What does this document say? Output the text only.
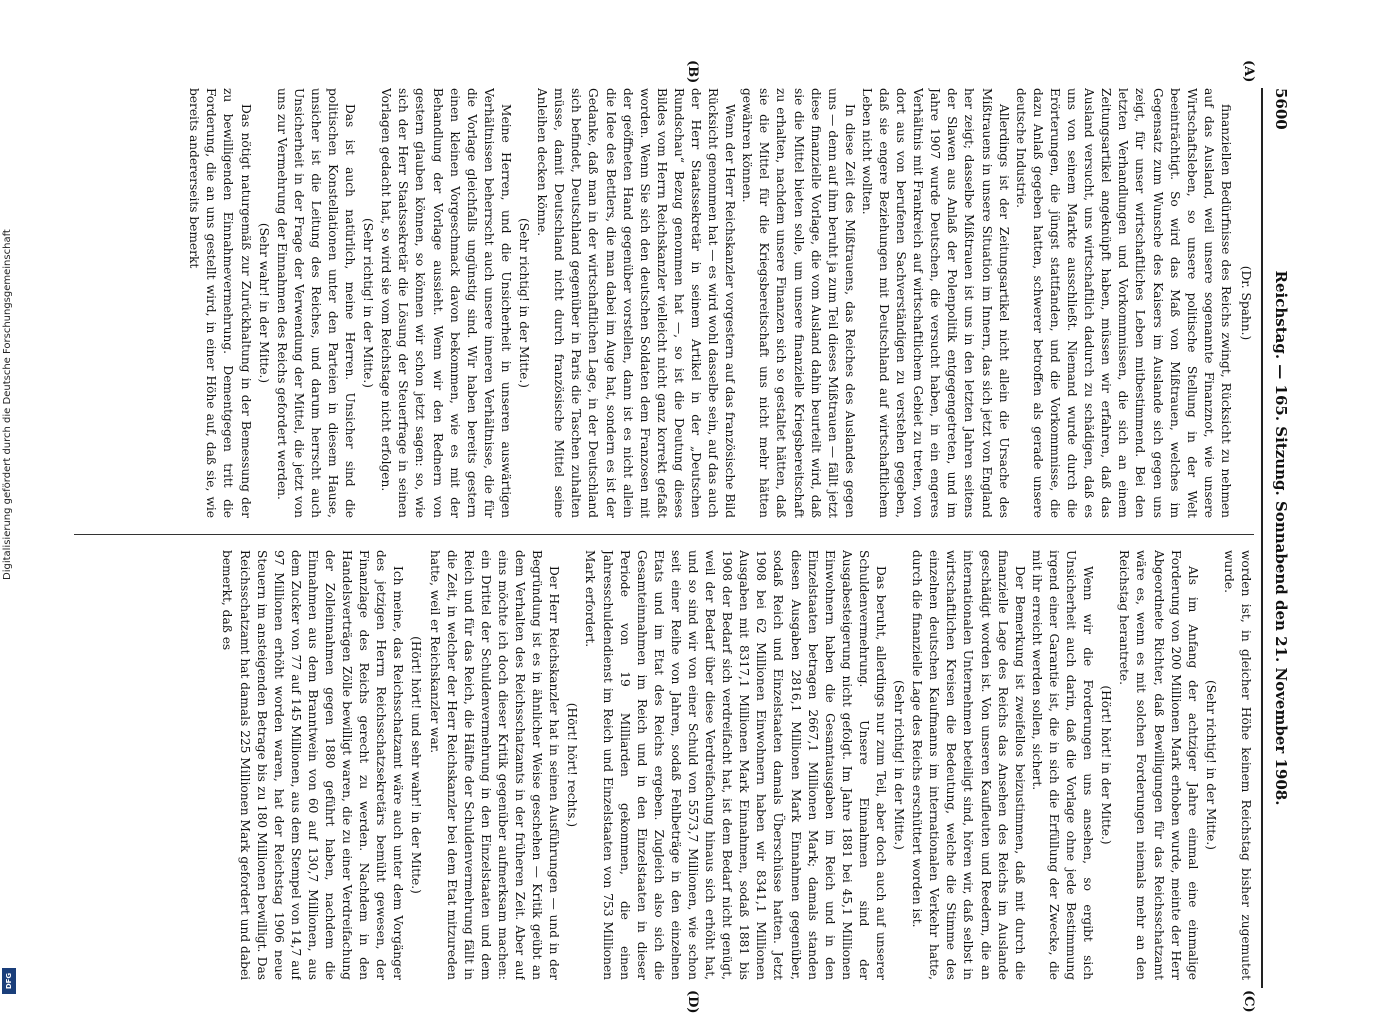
5600
Reichstag. — 165. Sitzung. Sonnabend den 21. November 1908.

(Dr. Spahn.)

finanziellen Bedürfnisse des Reichs zwingt, Rücksicht zu nehmen auf das Ausland, weil unsere sogenannte Finanznot, wie unsere Wirtschaftsleben, so unsere politische Stellung in der Welt beeinträchtigt. So wird das Maß von Mißtrauen, welches im Gegensatz zum Wunsche des Kaisers im Auslande sich gegen uns zeigt, für unser wirtschaftliches Leben mitbestimmend. Bei den letzten Verhandlungen und Vorkommnissen, die sich an einem Zeitungsartikel angeknüpft haben, müssen wir erfahren, daß das Ausland versucht, uns wirtschaftlich dadurch zu schädigen, daß es uns von seinem Markte ausschließt. Niemand wurde durch die Erörterungen, die jüngst stattfanden, und die Vorkommnisse, die dazu Anlaß gegeben hatten, schwerer betroffen als gerade unsere deutsche Industrie.

Allerdings ist der Zeitungsartikel nicht allein die Ursache des Mißtrauens in unsere Situation im Innern, das sich jetzt von England her zeigt; dasselbe Mißtrauen ist uns in den letzten Jahren seitens der Slawen aus Anlaß der Polenpolitik entgegengetreten, und im Jahre 1907 wurde Deutschen, die versucht haben, in ein engeres Verhältnis mit Frankreich auf wirtschaftlichem Gebiet zu treten, von dort aus von berufenen Sachverständigen zu verstehen gegeben, daß sie engere Beziehungen mit Deutschland auf wirtschaftlichem Leben nicht wollten.

In diese Zeit des Mißtrauens, das Reiches des Auslandes gegen uns — denn auf ihm beruht ja zum Teil dieses Mißtrauen — fällt jetzt diese finanzielle Vorlage, die vom Ausland dahin beurteilt wird, daß sie die Mittel bieten solle, um unsere finanzielle Kriegsbereitschaft zu erhalten, nachdem unsere Finanzen sich so gestaltet hätten, daß sie die Mittel für die Kriegsbereitschaft uns nicht mehr hätten gewähren können.

Wenn der Herr Reichskanzler vorgestern auf das französische Bild Rücksicht genommen hat — es wird wohl dasselbe sein, auf das auch der Herr Staatssekretär in seinem Artikel in der „Deutschen Rundschau“ Bezug genommen hat —, so ist die Deutung dieses Bildes vom Herrn Reichskanzler vielleicht nicht ganz korrekt gefaßt worden. Wenn Sie sich den deutschen Soldaten dem Franzosen mit der geöffneten Hand gegenüber vorstellen, dann ist es nicht allein die Idee des Bettlers, die man dabei im Auge hat, sondern es ist der Gedanke, daß man in der wirtschaftlichen Lage, in der Deutschland sich befindet, Deutschland gegenüber in Paris die Taschen zuhalten müsse, damit Deutschland nicht durch französische Mittel seine Anleihen decken könne.

(Sehr richtig! in der Mitte.)

Meine Herren, und die Unsicherheit in unseren auswärtigen Verhältnissen beherrscht auch unsere inneren Verhältnisse, die für die Vorlage gleichfalls ungünstig sind. Wir haben bereits gestern einen kleinen Vorgeschmack davon bekommen, wie es mit der Behandlung der Vorlage aussieht. Wenn wir den Rednern von gestern glauben können, so können wir schon jetzt sagen: so, wie sich der Herr Staatssekretär die Lösung der Steuerfrage in seinen Vorlagen gedacht hat, so wird sie vom Reichstage nicht erfolgen.

(Sehr richtig! in der Mitte.)

Das ist auch natürlich, meine Herren. Unsicher sind die politischen Konstellationen unter den Parteien in diesem Hause, unsicher ist die Leitung des Reiches, und darum herrscht auch Unsicherheit in der Frage der Verwendung der Mittel, die jetzt von uns zur Vermehrung der Einnahmen des Reichs gefordert werden.

(Sehr wahr! in der Mitte.)

Das nötigt naturgemäß zur Zurückhaltung in der Bemessung der zu bewilligenden Einnahmevermehrung. Dementgegen tritt die Forderung, die an uns gestellt wird, in einer Höhe auf, daß sie, wie bereits andererseits bemerkt

worden ist, in gleicher Höhe keinem Reichstag bisher zugemutet wurde.

(Sehr richtig! in der Mitte.)

Als im Anfang der achtziger Jahre einmal eine einmalige Forderung von 200 Millionen Mark erhoben wurde, meinte der Herr Abgeordnete Richter, daß Bewilligungen für das Reichsschatzamt wäre es, wenn es mit solchen Forderungen niemals mehr an den Reichstag herantrete.

(Hört! hört! in der Mitte.)

Wenn wir die Forderungen uns ansehen, so ergibt sich Unsicherheit auch darin, daß die Vorlage ohne jede Bestimmung irgend einer Garantie ist, die in sich die Erfüllung der Zwecke, die mit ihr erreicht werden sollen, sichert.

Der Bemerkung ist zweifellos beizustimmen, daß mit durch die finanzielle Lage des Reichs das Ansehen des Reichs im Auslande geschädigt worden ist. Von unseren Kaufleuten und Reedern, die an internationalen Unternehmen beteiligt sind, hören wir, daß selbst in wirtschaftlichen Kreisen die Bedeutung, welche die Stimme des einzelnen deutschen Kaufmanns im internationalen Verkehr hatte, durch die finanzielle Lage des Reichs erschüttert worden ist.

(Sehr richtig! in der Mitte.)

Das beruht, allerdings nur zum Teil, aber doch auch auf unserer Schuldenvermehrung. Unsere Einnahmen sind der Ausgabesteigerung nicht gefolgt. Im Jahre 1881 bei 45,1 Millionen Einwohnern haben die Gesamtausgaben im Reich und in den Einzelstaaten betragen 2667,1 Millionen Mark; damals standen diesen Ausgaben 2816,1 Millionen Mark Einnahmen gegenüber, sodaß Reich und Einzelstaaten damals Überschüsse hatten. Jetzt 1908 bei 62 Millionen Einwohnern haben wir 8341,1 Millionen Ausgaben mit 8317,1 Millionen Mark Einnahmen, sodaß 1881 bis 1908 der Bedarf sich verdreifacht hat, ist dem Bedarf nicht genügt, weil der Bedarf über diese Verdreifachung hinaus sich erhöht hat, und so sind wir von einer Schuld von 5573,7 Millionen, wie schon seit einer Reihe von Jahren, sodaß Fehlbeträge in den einzelnen Etats und im Etat des Reichs ergeben. Zugleich also sich die Gesamteinnahmen im Reich und in den Einzelstaaten in dieser Periode von 19 Milliarden gekommen, die einen Jahresschuldendienst im Reich und Einzelstaaten von 753 Millionen Mark erfordert.

(Hört! hört! rechts.)

Der Herr Reichskanzler hat in seinen Ausführungen — und in der Begründung ist es in ähnlicher Weise geschehen — Kritik geübt an dem Verhalten des Reichsschatzamts in der früheren Zeit. Aber auf eins möchte ich doch dieser Kritik gegenüber aufmerksam machen: ein Drittel der Schuldenvermehrung in den Einzelstaaten und dem Reich und für das Reich, die Hälfte der Schuldenvermehrung fällt in die Zeit, in welcher der Herr Reichskanzler bei dem Etat mitzureden hatte, weil er Reichskanzler war.

(Hört! hört! und sehr wahr! in der Mitte.)

Ich meine, das Reichsschatzamt wäre auch unter dem Vorgänger des jetzigen Herrn Reichsschatzsekretärs bemüht gewesen, der Finanzlage des Reichs gerecht zu werden. Nachdem in den Handelsverträgen Zölle bewilligt waren, die zu einer Verdreifachung der Zolleinnahmen gegen 1880 geführt haben, nachdem die Einnahmen aus dem Branntwein von 60 auf 130,7 Millionen, aus dem Zucker von 77 auf 145 Millionen, aus dem Stempel von 14,7 auf 97 Millionen erhöht worden waren, hat der Reichstag 1906 neue Steuern im ansteigenden Betrage bis zu 180 Millionen bewilligt. Das Reichsschatzamt hat damals 225 Millionen Mark gefordert und dabei bemerkt, daß es

(A)
(B)
(C)
(D)
Digitalisierung gefördert durch die Deutsche Forschungsgemeinschaft
DFG
